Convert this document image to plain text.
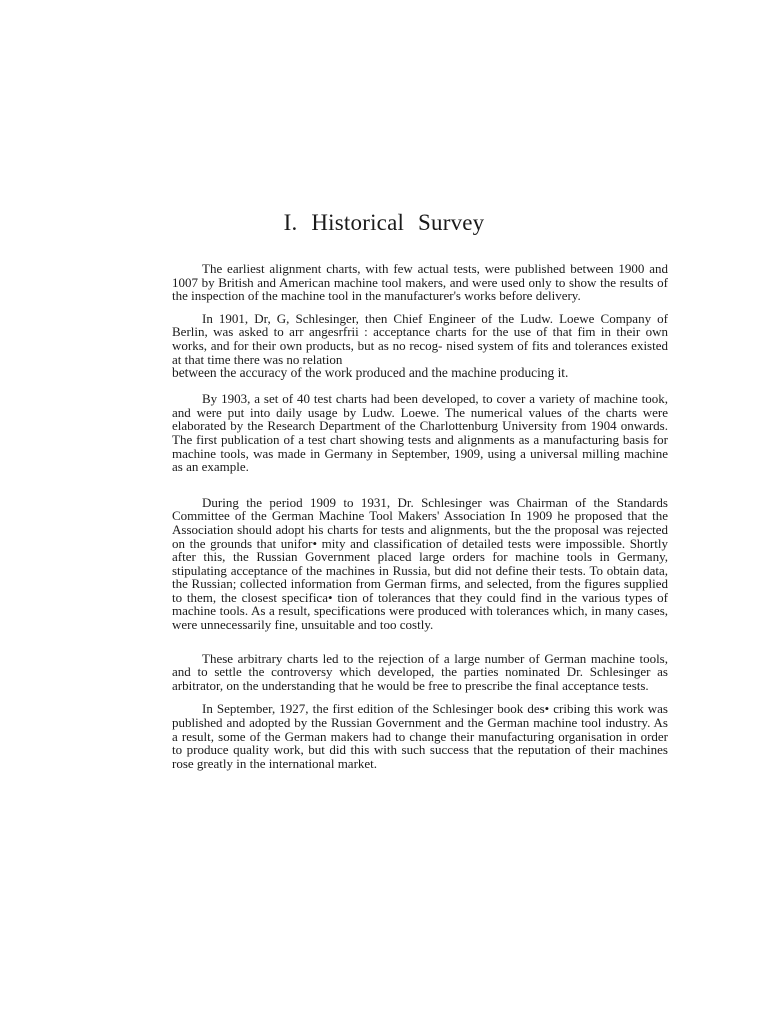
I. Historical Survey

The earliest alignment charts, with few actual tests, were published between 1900 and 1007 by British and American machine tool makers, and were used only to show the results of the inspection of the machine tool in the manufacturer's works before delivery.

In 1901, Dr, G, Schlesinger, then Chief Engineer of the Ludw. Loewe Company of Berlin, was asked to arr angesrfrii : acceptance charts for the use of that fim in their own works, and for their own products, but as no recog- nised system of fits and tolerances existed at that time there was no relation

between the accuracy of the work produced and the machine producing it.

By 1903, a set of 40 test charts had been developed, to cover a variety of machine took, and were put into daily usage by Ludw. Loewe. The numerical values of the charts were elaborated by the Research Department of the Charlottenburg University from 1904 onwards. The first publication of a test chart showing tests and alignments as a manufacturing basis for machine tools, was made in Germany in September, 1909, using a universal milling machine as an example.

During the period 1909 to 1931, Dr. Schlesinger was Chairman of the Standards Committee of the German Machine Tool Makers' Association In 1909 he proposed that the Association should adopt his charts for tests and alignments, but the the proposal was rejected on the grounds that unifor• mity and classification of detailed tests were impossible. Shortly after this, the Russian Government placed large orders for machine tools in Germany, stipulating acceptance of the machines in Russia, but did not define their tests. To obtain data, the Russian; collected information from German firms, and selected, from the figures supplied to them, the closest specifica• tion of tolerances that they could find in the various types of machine tools. As a result, specifications were produced with tolerances which, in many cases, were unnecessarily fine, unsuitable and too costly.

These arbitrary charts led to the rejection of a large number of German machine tools, and to settle the controversy which developed, the parties nominated Dr. Schlesinger as arbitrator, on the understanding that he would be free to prescribe the final acceptance tests.

In September, 1927, the first edition of the Schlesinger book des• cribing this work was published and adopted by the Russian Government and the German machine tool industry. As a result, some of the German makers had to change their manufacturing organisation in order to produce quality work, but did this with such success that the reputation of their machines rose greatly in the international market.
